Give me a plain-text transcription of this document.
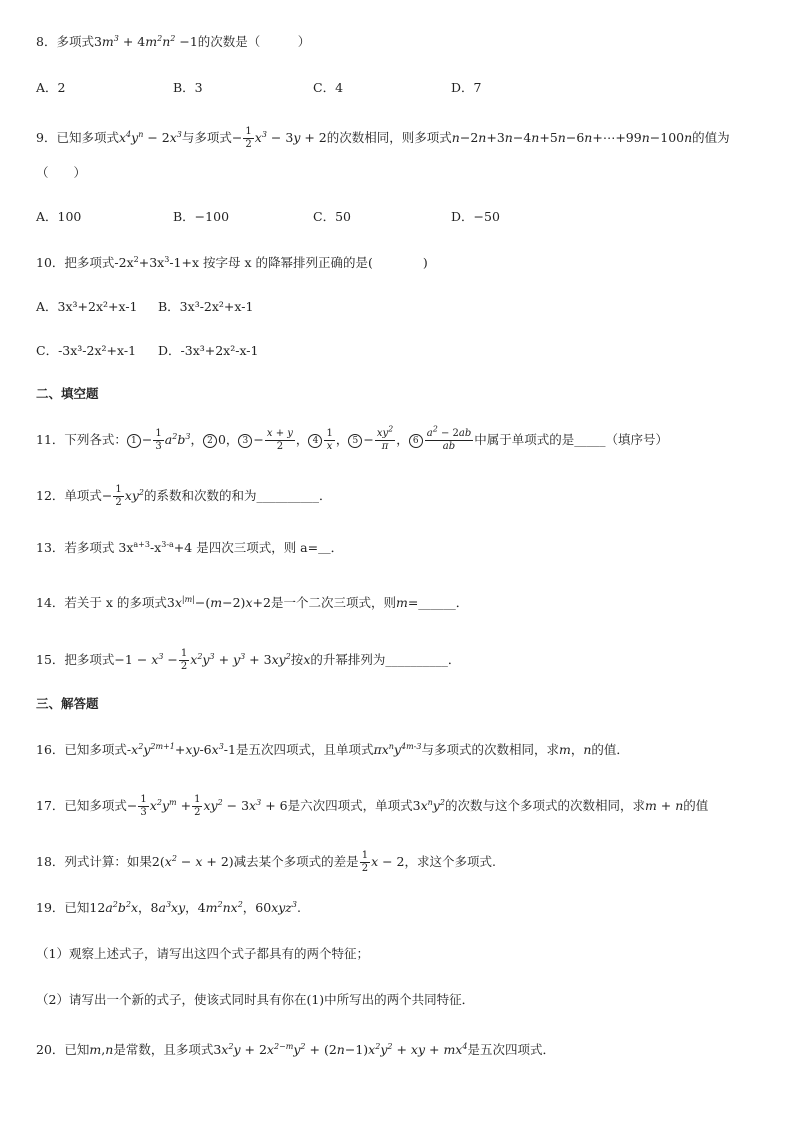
8．多项式$3m^3 + 4m^2n^2 -1$的次数是（　　　）
A．2	B．3	C．4	D．7
9．已知多项式$x^4y^n - 2x^3$与多项式− $\frac{1}{2} x^3 - 3y + 2$的次数相同，则多项式n−2n+3n−4n+5n−6n+⋯+99n−100n的值为
（　　）
A．100	B．−100	C．50	D．−50
10．把多项式$-2x^2+3x^3-1+x$ 按字母 x 的降幂排列正确的是(　　　　)
A．3x³+2x²+x-1 B．3x³-2x²+x-1
C．-3x³-2x²+x-1 D．-3x³+2x²-x-1
二、填空题
11．下列各式： $1 - \frac{1}{3} a^2b^3$， 2 0， $3 - \frac{x + y}{2}$ ， $4 \frac{1}{x}$ ， $5 - \frac{xy^2}{\pi}$ ， $6 \frac{a^2 - 2ab}{ab}$ 中属于单项式的是_____（填序号）
12．单项式− $\frac{1}{2} xy^2$的系数和次数的和为__________．
13．若多项式 $3x^{a+3}-x^{3-a}+4$ 是四次三项式，则 a=＿．
14．若关于 x 的多项式$3x^{|m|}-(m-2)x+2$是一个二次三项式，则m=______．
15．把多项式$-1 - x^3 - \frac{1}{2} x^2y^3 + y^3 + 3xy^2$按x的升幂排列为__________．
三、解答题
16．已知多项式$-x^2y^{2m+1}+xy-6x^3-1$是五次四项式，且单项式$\pi x^ny^{4m-3}$与多项式的次数相同，求m，n的值．
17．已知多项式− $\frac{1}{3} x^2y^m + \frac{1}{2} xy^2 - 3x^3 + 6$是六次四项式，单项式$3x^ny^2$的次数与这个多项式的次数相同，求m + n的值
18．列式计算：如果$2(x^2 - x + 2)$减去某个多项式的差是 $\frac{1}{2}$ x − 2，求这个多项式.
19．已知$12a^2b^2x$，$8a^3xy$，$4m^2nx^2$，60xyz$^3$.
（1）观察上述式子，请写出这四个式子都具有的两个特征；
（2）请写出一个新的式子，使该式同时具有你在(1)中所写出的两个共同特征．
20．已知m,n是常数，且多项式$3x^2y + 2x^{2-m}y^2 + (2n-1)x^2y^2$ + xy + $mx^4$是五次四项式．
